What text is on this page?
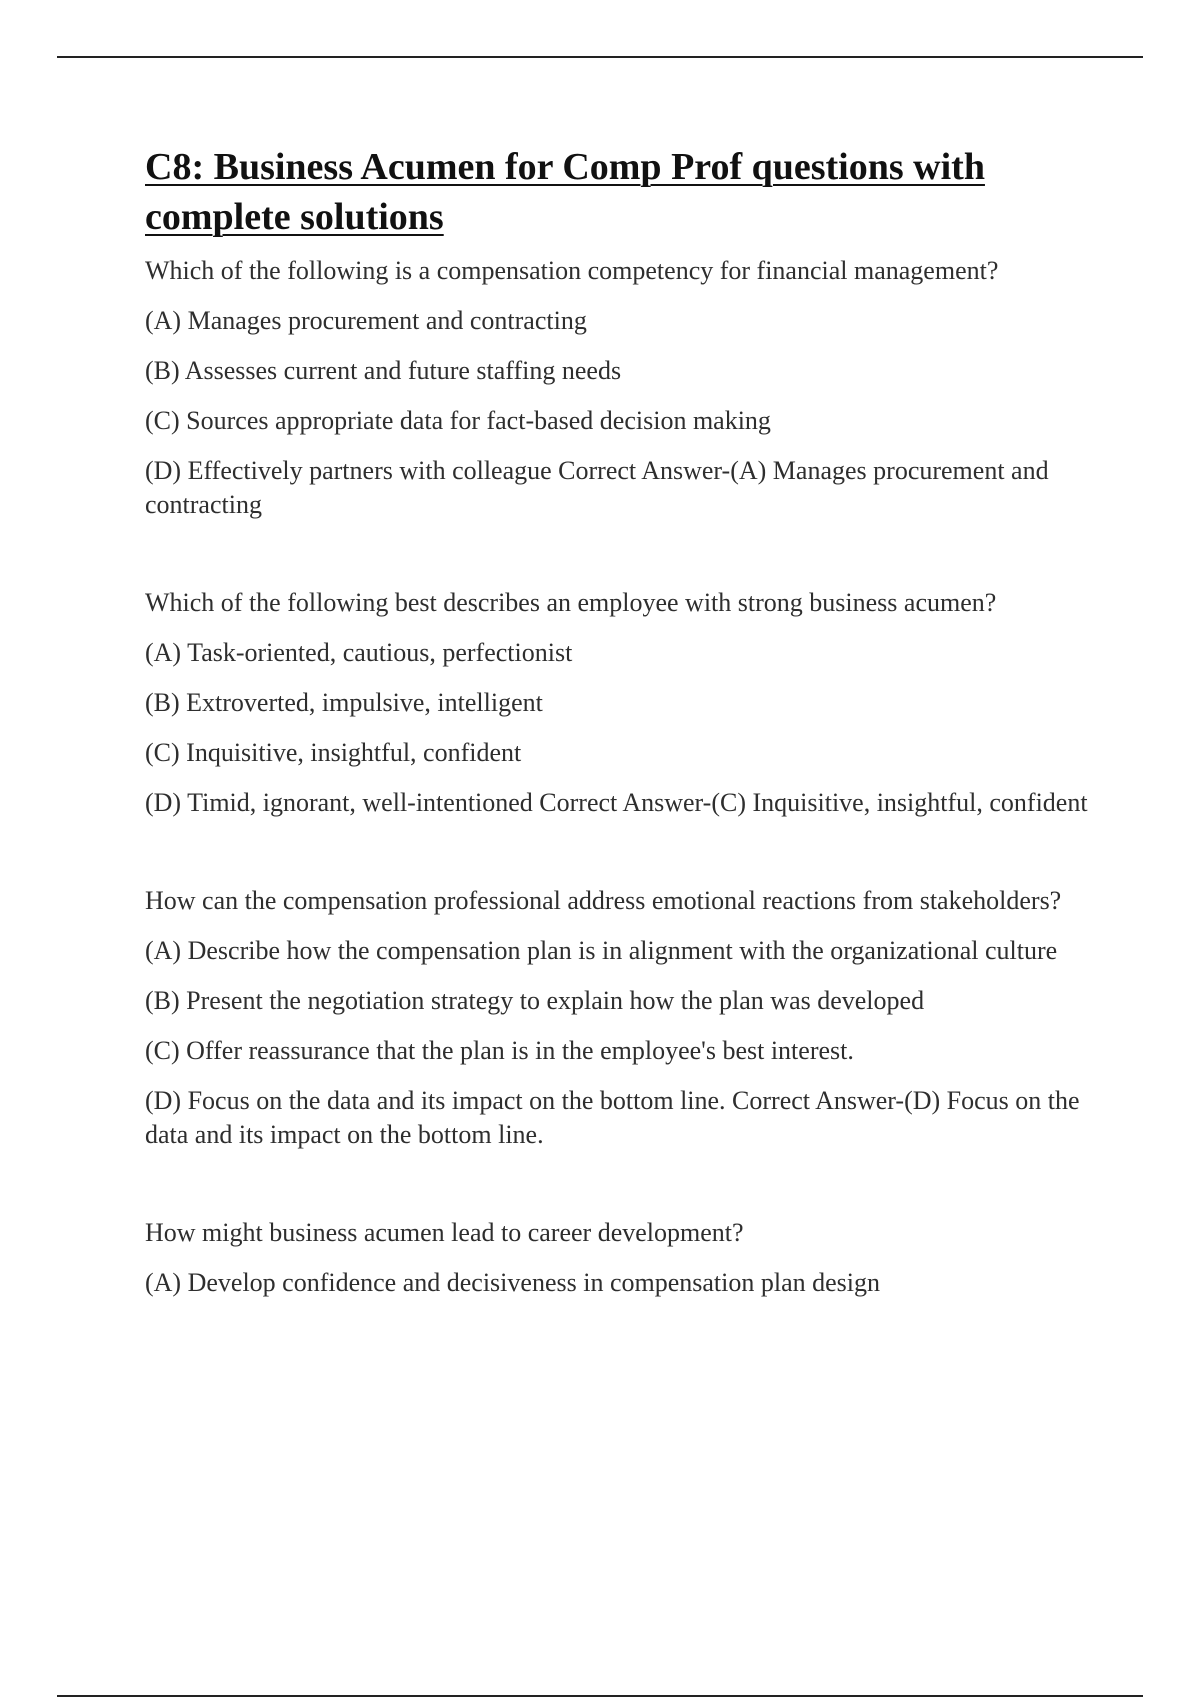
C8: Business Acumen for Comp Prof questions with complete solutions

Which of the following is a compensation competency for financial management?

(A) Manages procurement and contracting

(B) Assesses current and future staffing needs

(C) Sources appropriate data for fact-based decision making

(D) Effectively partners with colleague Correct Answer-(A) Manages procurement and contracting

Which of the following best describes an employee with strong business acumen?

(A) Task-oriented, cautious, perfectionist

(B) Extroverted, impulsive, intelligent

(C) Inquisitive, insightful, confident

(D) Timid, ignorant, well-intentioned Correct Answer-(C) Inquisitive, insightful, confident

How can the compensation professional address emotional reactions from stakeholders?

(A) Describe how the compensation plan is in alignment with the organizational culture

(B) Present the negotiation strategy to explain how the plan was developed

(C) Offer reassurance that the plan is in the employee's best interest.

(D) Focus on the data and its impact on the bottom line. Correct Answer-(D) Focus on the data and its impact on the bottom line.

How might business acumen lead to career development?

(A) Develop confidence and decisiveness in compensation plan design
